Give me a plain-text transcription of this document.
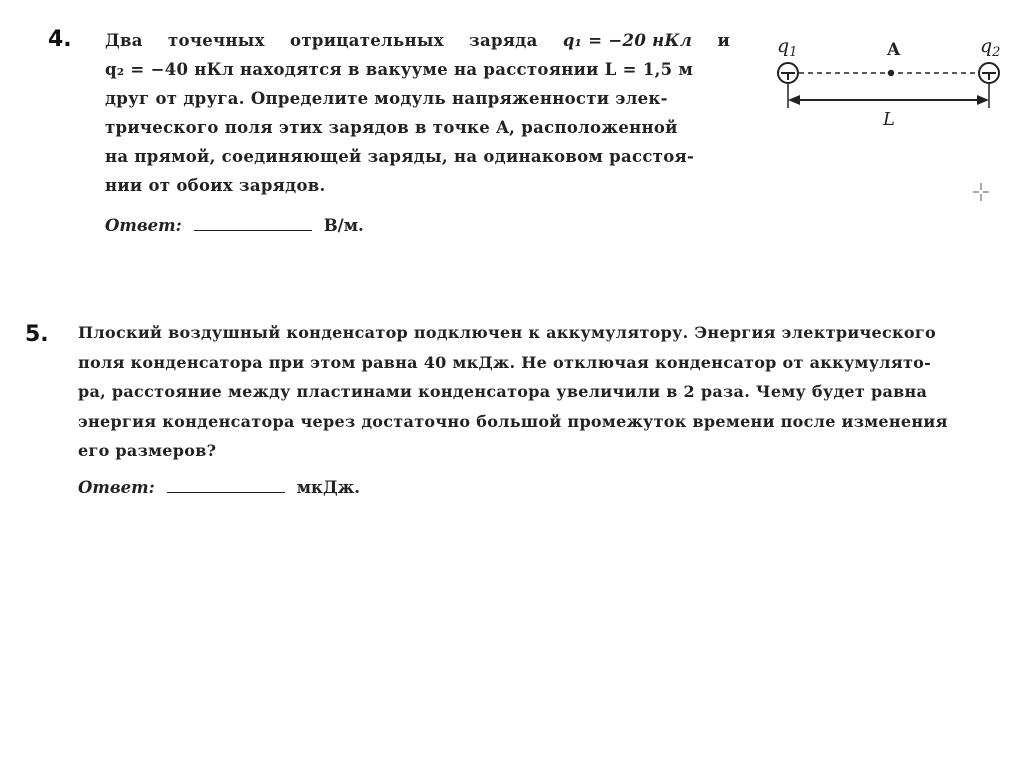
4. Два точечных отрицательных заряда q₁ = −20 нКл и
q₂ = −40 нКл находятся в вакууме на расстоянии L = 1,5 м
друг от друга. Определите модуль напряженности элек-
трического поля этих зарядов в точке A, расположенной
на прямой, соединяющей заряды, на одинаковом расстоя-
нии от обоих зарядов.
Ответ:	В/м.
$q_1$	$q_2$
A
L
5. Плоский воздушный конденсатор подключен к аккумулятору. Энергия электрического
поля конденсатора при этом равна 40 мкДж. Не отключая конденсатор от аккумулято-
ра, расстояние между пластинами конденсатора увеличили в 2 раза. Чему будет равна
энергия конденсатора через достаточно большой промежуток времени после изменения
его размеров?
Ответ:	мкДж.
